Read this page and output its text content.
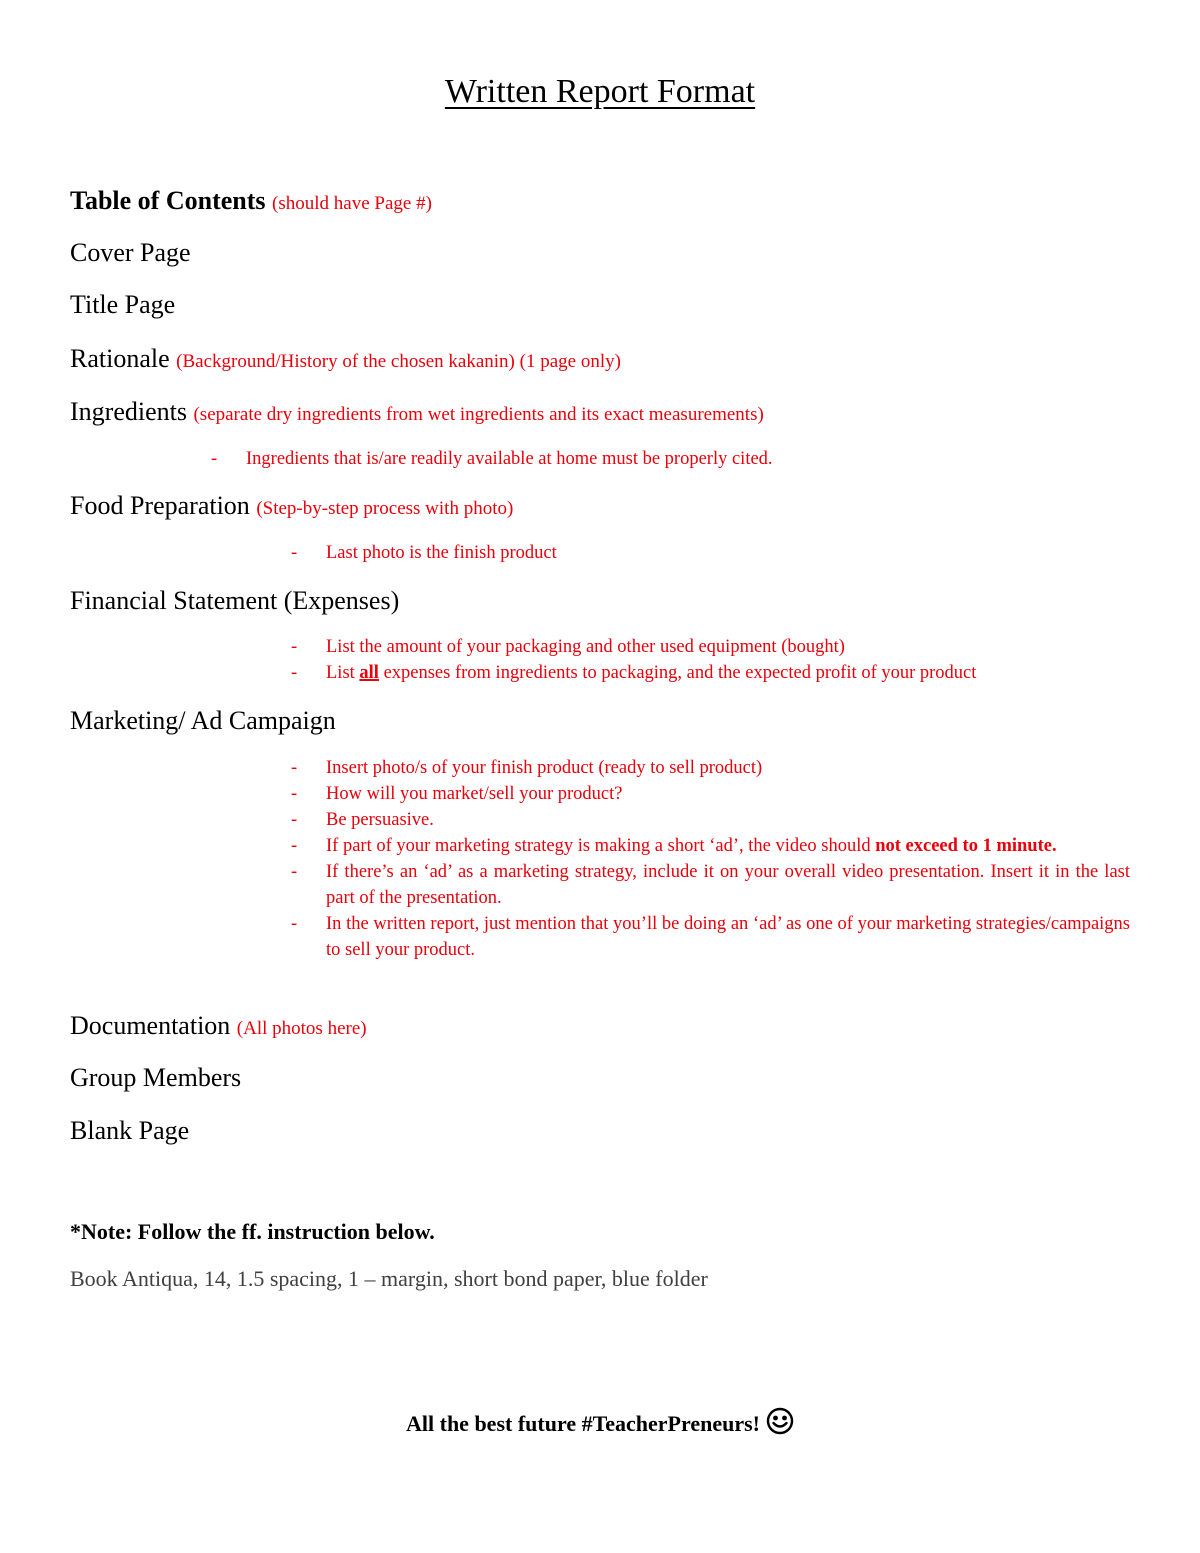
Written Report Format
Table of Contents (should have Page #)
Cover Page
Title Page
Rationale (Background/History of the chosen kakanin) (1 page only)
Ingredients (separate dry ingredients from wet ingredients and its exact measurements)
- Ingredients that is/are readily available at home must be properly cited.
Food Preparation (Step-by-step process with photo)
- Last photo is the finish product
Financial Statement (Expenses)
- List the amount of your packaging and other used equipment (bought)
- List all expenses from ingredients to packaging, and the expected profit of your product
Marketing/ Ad Campaign
- Insert photo/s of your finish product (ready to sell product)
- How will you market/sell your product?
- Be persuasive.
- If part of your marketing strategy is making a short ‘ad’, the video should not exceed to 1 minute.
- If there’s an ‘ad’ as a marketing strategy, include it on your overall video presentation. Insert it in the last part of the presentation.
- In the written report, just mention that you’ll be doing an ‘ad’ as one of your marketing strategies/campaigns to sell your product.
Documentation (All photos here)
Group Members
Blank Page
*Note: Follow the ff. instruction below.
Book Antiqua, 14, 1.5 spacing, 1 – margin, short bond paper, blue folder
All the best future #TeacherPreneurs!
